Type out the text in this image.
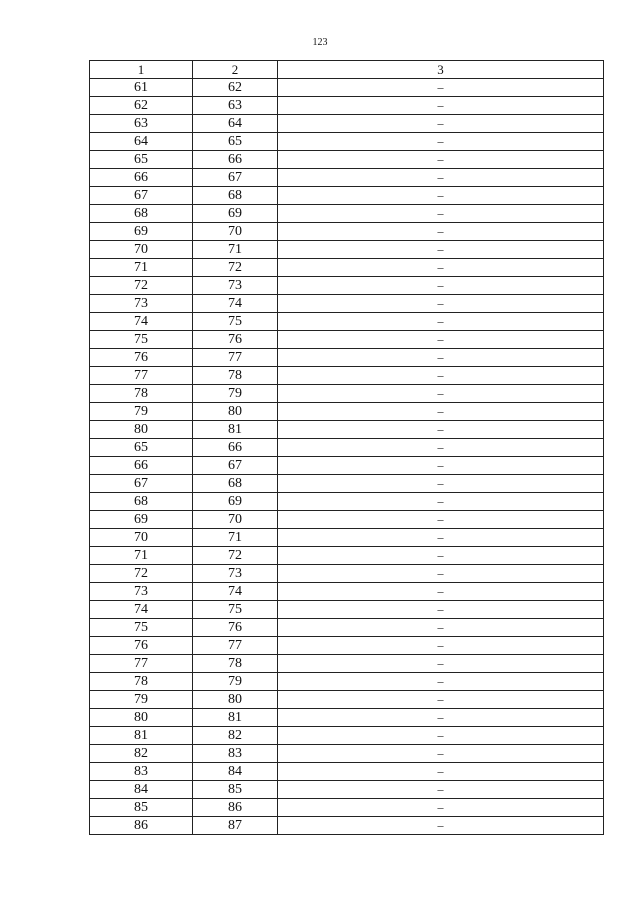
123
1	2	3
61	62	–
62	63	–
63	64	–
64	65	–
65	66	–
66	67	–
67	68	–
68	69	–
69	70	–
70	71	–
71	72	–
72	73	–
73	74	–
74	75	–
75	76	–
76	77	–
77	78	–
78	79	–
79	80	–
80	81	–
65	66	–
66	67	–
67	68	–
68	69	–
69	70	–
70	71	–
71	72	–
72	73	–
73	74	–
74	75	–
75	76	–
76	77	–
77	78	–
78	79	–
79	80	–
80	81	–
81	82	–
82	83	–
83	84	–
84	85	–
85	86	–
86	87	–
